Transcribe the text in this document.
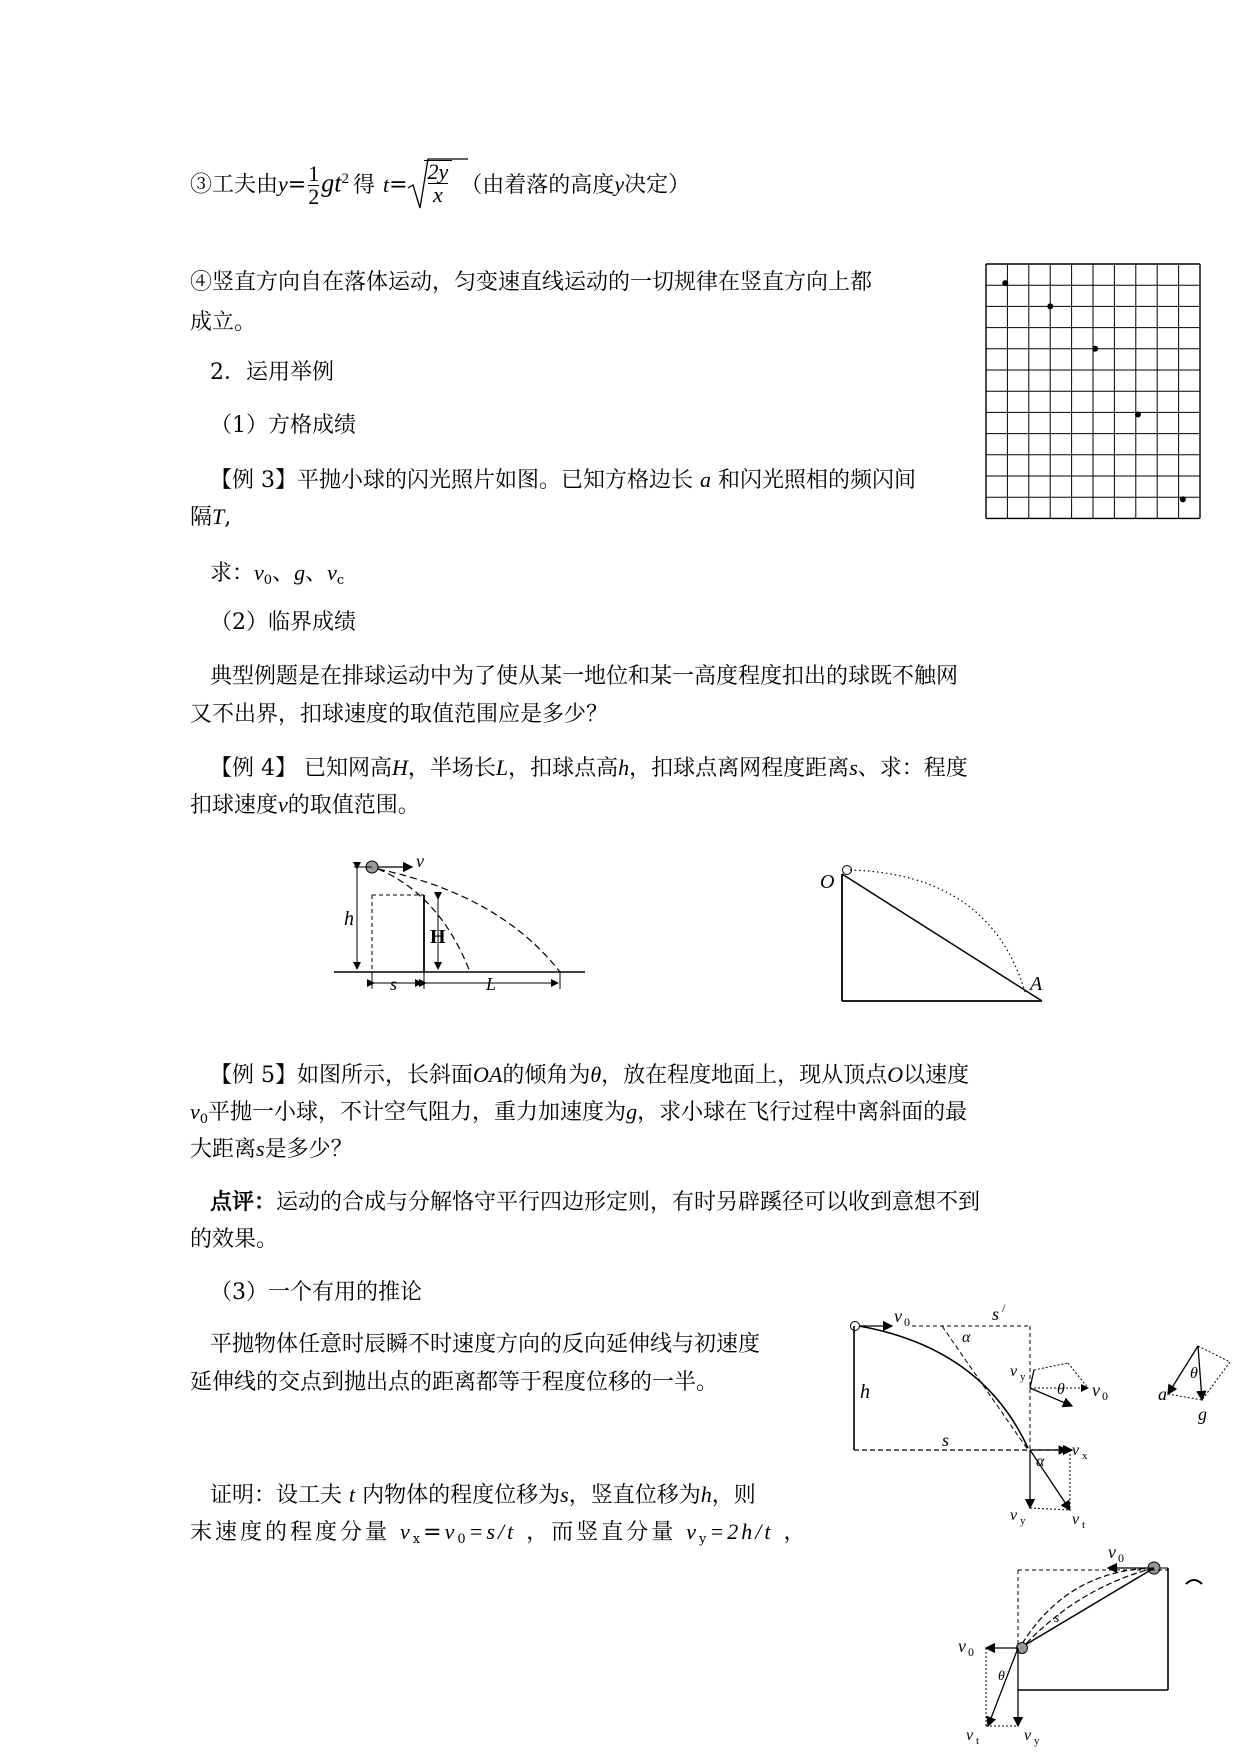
③工夫由$y= \frac{1}{2} gt^2$ 得 $t= \frac{2y}{x}$ （由着落的高度y决定）
④竖直方向自在落体运动，匀变速直线运动的一切规律在竖直方向上都
成立。
2．运用举例
（1）方格成绩
【例 3】平抛小球的闪光照片如图。已知方格边长 a 和闪光照相的频闪间
隔T,
求：$v_0$、g、$v_c$
（2）临界成绩
典型例题是在排球运动中为了使从某一地位和某一高度程度扣出的球既不触网
又不出界，扣球速度的取值范围应是多少？
【例 4】 已知网高H，半场长L，扣球点高h，扣球点离网程度距离s、求：程度
扣球速度v的取值范围。
v
h
H
s	L
O
A
【例 5】如图所示，长斜面OA的倾角为θ，放在程度地面上，现从顶点O以速度
$v_0$平抛一小球，不计空气阻力，重力加速度为g，求小球在飞行过程中离斜面的最
大距离s是多少？
点评：运动的合成与分解恪守平行四边形定则，有时另辟蹊径可以收到意想不到
的效果。
（3）一个有用的推论
平抛物体任意时辰瞬不时速度方向的反向延伸线与初速度
延伸线的交点到抛出点的距离都等于程度位移的一半。
证明：设工夫 t 内物体的程度位移为s，竖直位移为h，则
末速度的程度分量 $v_x=v_0=s/t$ ，而竖直分量 $v_y=2h/t$ ，
v 0	s /
h
s
α
v y
θ v 0
v x
v y	v t
α
θ
a
g
v 0
s
v 0
θ
v t	v y
